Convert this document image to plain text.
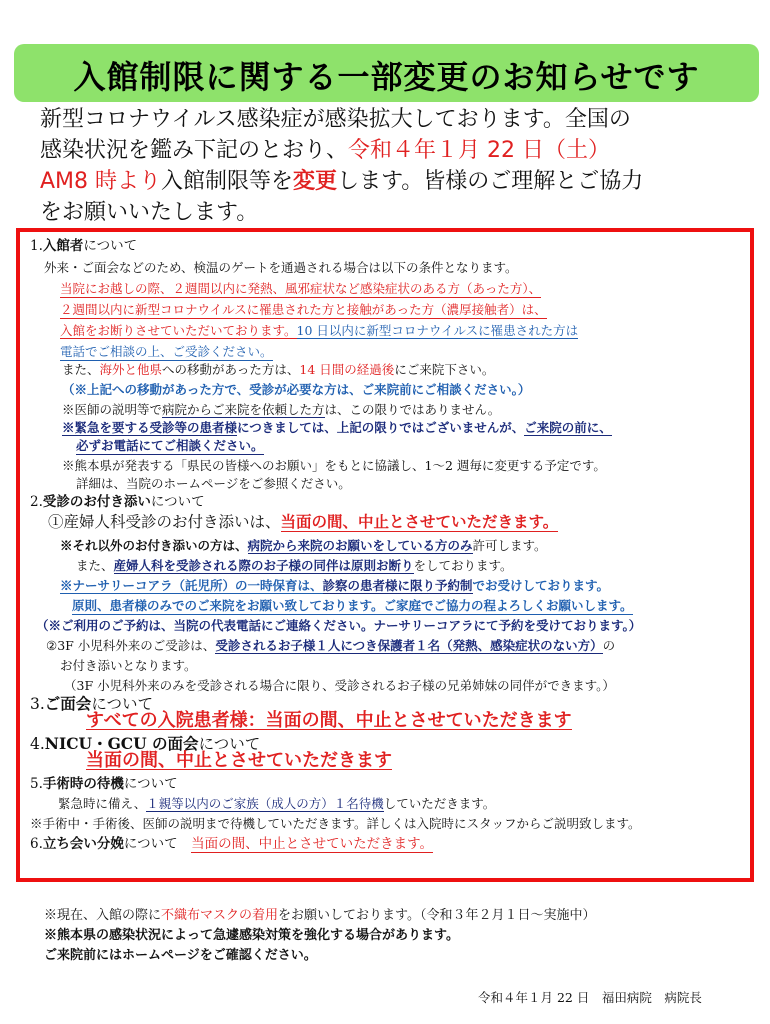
入館制限に関する一部変更のお知らせです
新型コロナウイルス感染症が感染拡大しております。全国の
感染状況を鑑み下記のとおり、令和４年１月 22 日（土）
AM8 時より入館制限等を変更します。皆様のご理解とご協力
をお願いいたします。
1.入館者について
外来・ご面会などのため、検温のゲートを通過される場合は以下の条件となります。
当院にお越しの際、２週間以内に発熱、風邪症状など感染症状のある方（あった方）、
２週間以内に新型コロナウイルスに罹患された方と接触があった方（濃厚接触者）は、
入館をお断りさせていただいております。10 日以内に新型コロナウイルスに罹患された方は
電話でご相談の上、ご受診ください。
また、海外と他県への移動があった方は、14 日間の経過後にご来院下さい。
（※上記への移動があった方で、受診が必要な方は、ご来院前にご相談ください。）
※医師の説明等で病院からご来院を依頼した方は、この限りではありません。
※緊急を要する受診等の患者様につきましては、上記の限りではございませんが、ご来院の前に、
必ずお電話にてご相談ください。
※熊本県が発表する「県民の皆様へのお願い」をもとに協議し、1～2 週毎に変更する予定です。
詳細は、当院のホームページをご参照ください。
2.受診のお付き添いについて
①産婦人科受診のお付き添いは、当面の間、中止とさせていただきます。
※それ以外のお付き添いの方は、病院から来院のお願いをしている方のみ許可します。
また、産婦人科を受診される際のお子様の同伴は原則お断りをしております。
※ナーサリーコアラ（託児所）の一時保育は、診察の患者様に限り予約制でお受けしております。
原則、患者様のみでのご来院をお願い致しております。ご家庭でご協力の程よろしくお願いします。
（※ご利用のご予約は、当院の代表電話にご連絡ください。ナーサリーコアラにて予約を受けております。）
②3F 小児科外来のご受診は、受診されるお子様１人につき保護者１名（発熱、感染症状のない方）の
お付き添いとなります。
（3F 小児科外来のみを受診される場合に限り、受診されるお子様の兄弟姉妹の同伴ができます。）
3.ご面会について
すべての入院患者様：当面の間、中止とさせていただきます
4.NICU・GCU の面会について
当面の間、中止とさせていただきます
5.手術時の待機について
緊急時に備え、１親等以内のご家族（成人の方）１名待機していただきます。
※手術中・手術後、医師の説明まで待機していただきます。詳しくは入院時にスタッフからご説明致します。
6.立ち会い分娩について　 当面の間、中止とさせていただきます。
※現在、入館の際に不織布マスクの着用をお願いしております。（令和３年２月１日～実施中）
※熊本県の感染状況によって急遽感染対策を強化する場合があります。
ご来院前にはホームページをご確認ください。
令和４年１月 22 日　福田病院　病院長
